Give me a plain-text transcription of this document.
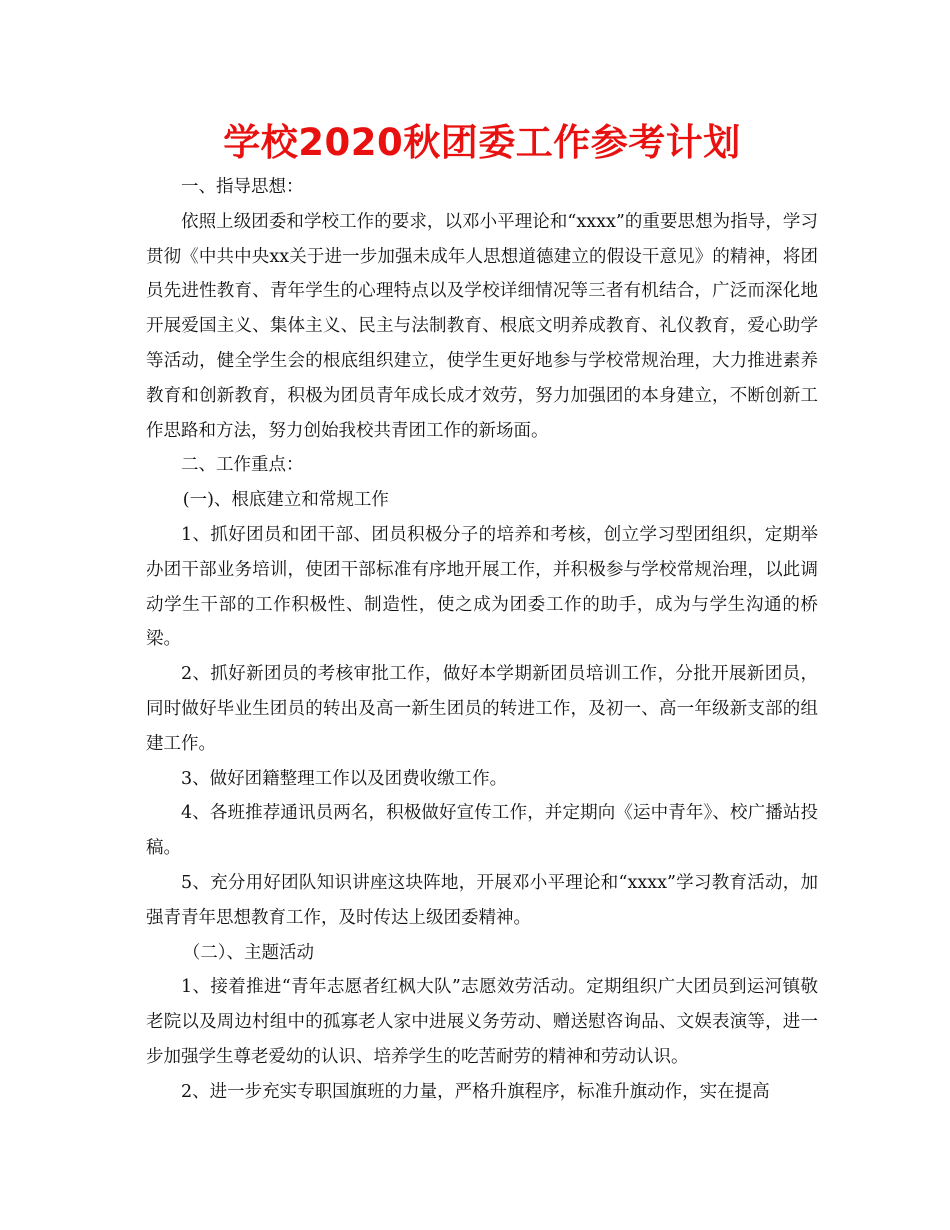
学校2020秋团委工作参考计划

一、指导思想：

依照上级团委和学校工作的要求，以邓小平理论和“xxxx”的重要思想为指导，学习贯彻《中共中央xx关于进一步加强未成年人思想道德建立的假设干意见》的精神，将团员先进性教育、青年学生的心理特点以及学校详细情况等三者有机结合，广泛而深化地开展爱国主义、集体主义、民主与法制教育、根底文明养成教育、礼仪教育，爱心助学等活动，健全学生会的根底组织建立，使学生更好地参与学校常规治理，大力推进素养教育和创新教育，积极为团员青年成长成才效劳，努力加强团的本身建立，不断创新工作思路和方法，努力创始我校共青团工作的新场面。

二、工作重点：

(一)、根底建立和常规工作

1、抓好团员和团干部、团员积极分子的培养和考核，创立学习型团组织，定期举办团干部业务培训，使团干部标准有序地开展工作，并积极参与学校常规治理，以此调动学生干部的工作积极性、制造性，使之成为团委工作的助手，成为与学生沟通的桥梁。

2、抓好新团员的考核审批工作，做好本学期新团员培训工作，分批开展新团员，同时做好毕业生团员的转出及高一新生团员的转进工作，及初一、高一年级新支部的组建工作。

3、做好团籍整理工作以及团费收缴工作。

4、各班推荐通讯员两名，积极做好宣传工作，并定期向《运中青年》、校广播站投稿。

5、充分用好团队知识讲座这块阵地，开展邓小平理论和“xxxx”学习教育活动，加强青青年思想教育工作，及时传达上级团委精神。

（二）、主题活动

1、接着推进“青年志愿者红枫大队”志愿效劳活动。定期组织广大团员到运河镇敬老院以及周边村组中的孤寡老人家中进展义务劳动、赠送慰咨询品、文娱表演等，进一步加强学生尊老爱幼的认识、培养学生的吃苦耐劳的精神和劳动认识。

2、进一步充实专职国旗班的力量，严格升旗程序，标准升旗动作，实在提高
